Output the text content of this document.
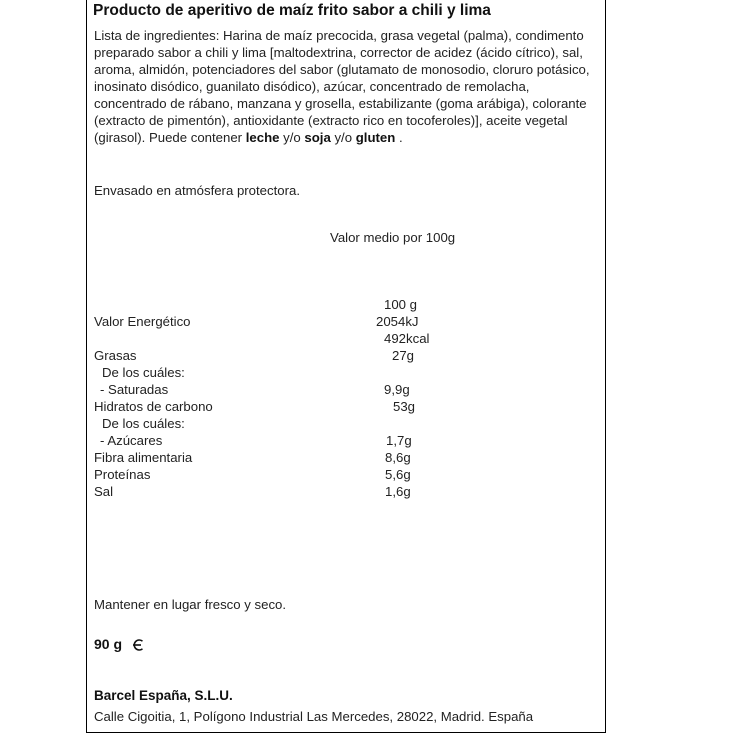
Producto de aperitivo de maíz frito sabor a chili y lima
Lista de ingredientes: Harina de maíz precocida, grasa vegetal (palma), condimento preparado sabor a chili y lima [maltodextrina, corrector de acidez (ácido cítrico), sal, aroma, almidón, potenciadores del sabor (glutamato de monosodio, cloruro potásico, inosinato disódico, guanilato disódico), azúcar, concentrado de remolacha, concentrado de rábano, manzana y grosella, estabilizante (goma arábiga), colorante (extracto de pimentón), antioxidante (extracto rico en tocoferoles)], aceite vegetal (girasol). Puede contener leche y/o soja y/o gluten .
Envasado en atmósfera protectora.
Valor medio por 100g
100 g
Valor Energético	2054kJ
492kcal
Grasas	27g
De los cuáles:
- Saturadas	9,9g
Hidratos de carbono	53g
De los cuáles:
- Azúcares	1,7g
Fibra alimentaria	8,6g
Proteínas	5,6g
Sal	1,6g
Mantener en lugar fresco y seco.
90 g
Barcel España, S.L.U.
Calle Cigoitia, 1, Polígono Industrial Las Mercedes, 28022, Madrid. España
